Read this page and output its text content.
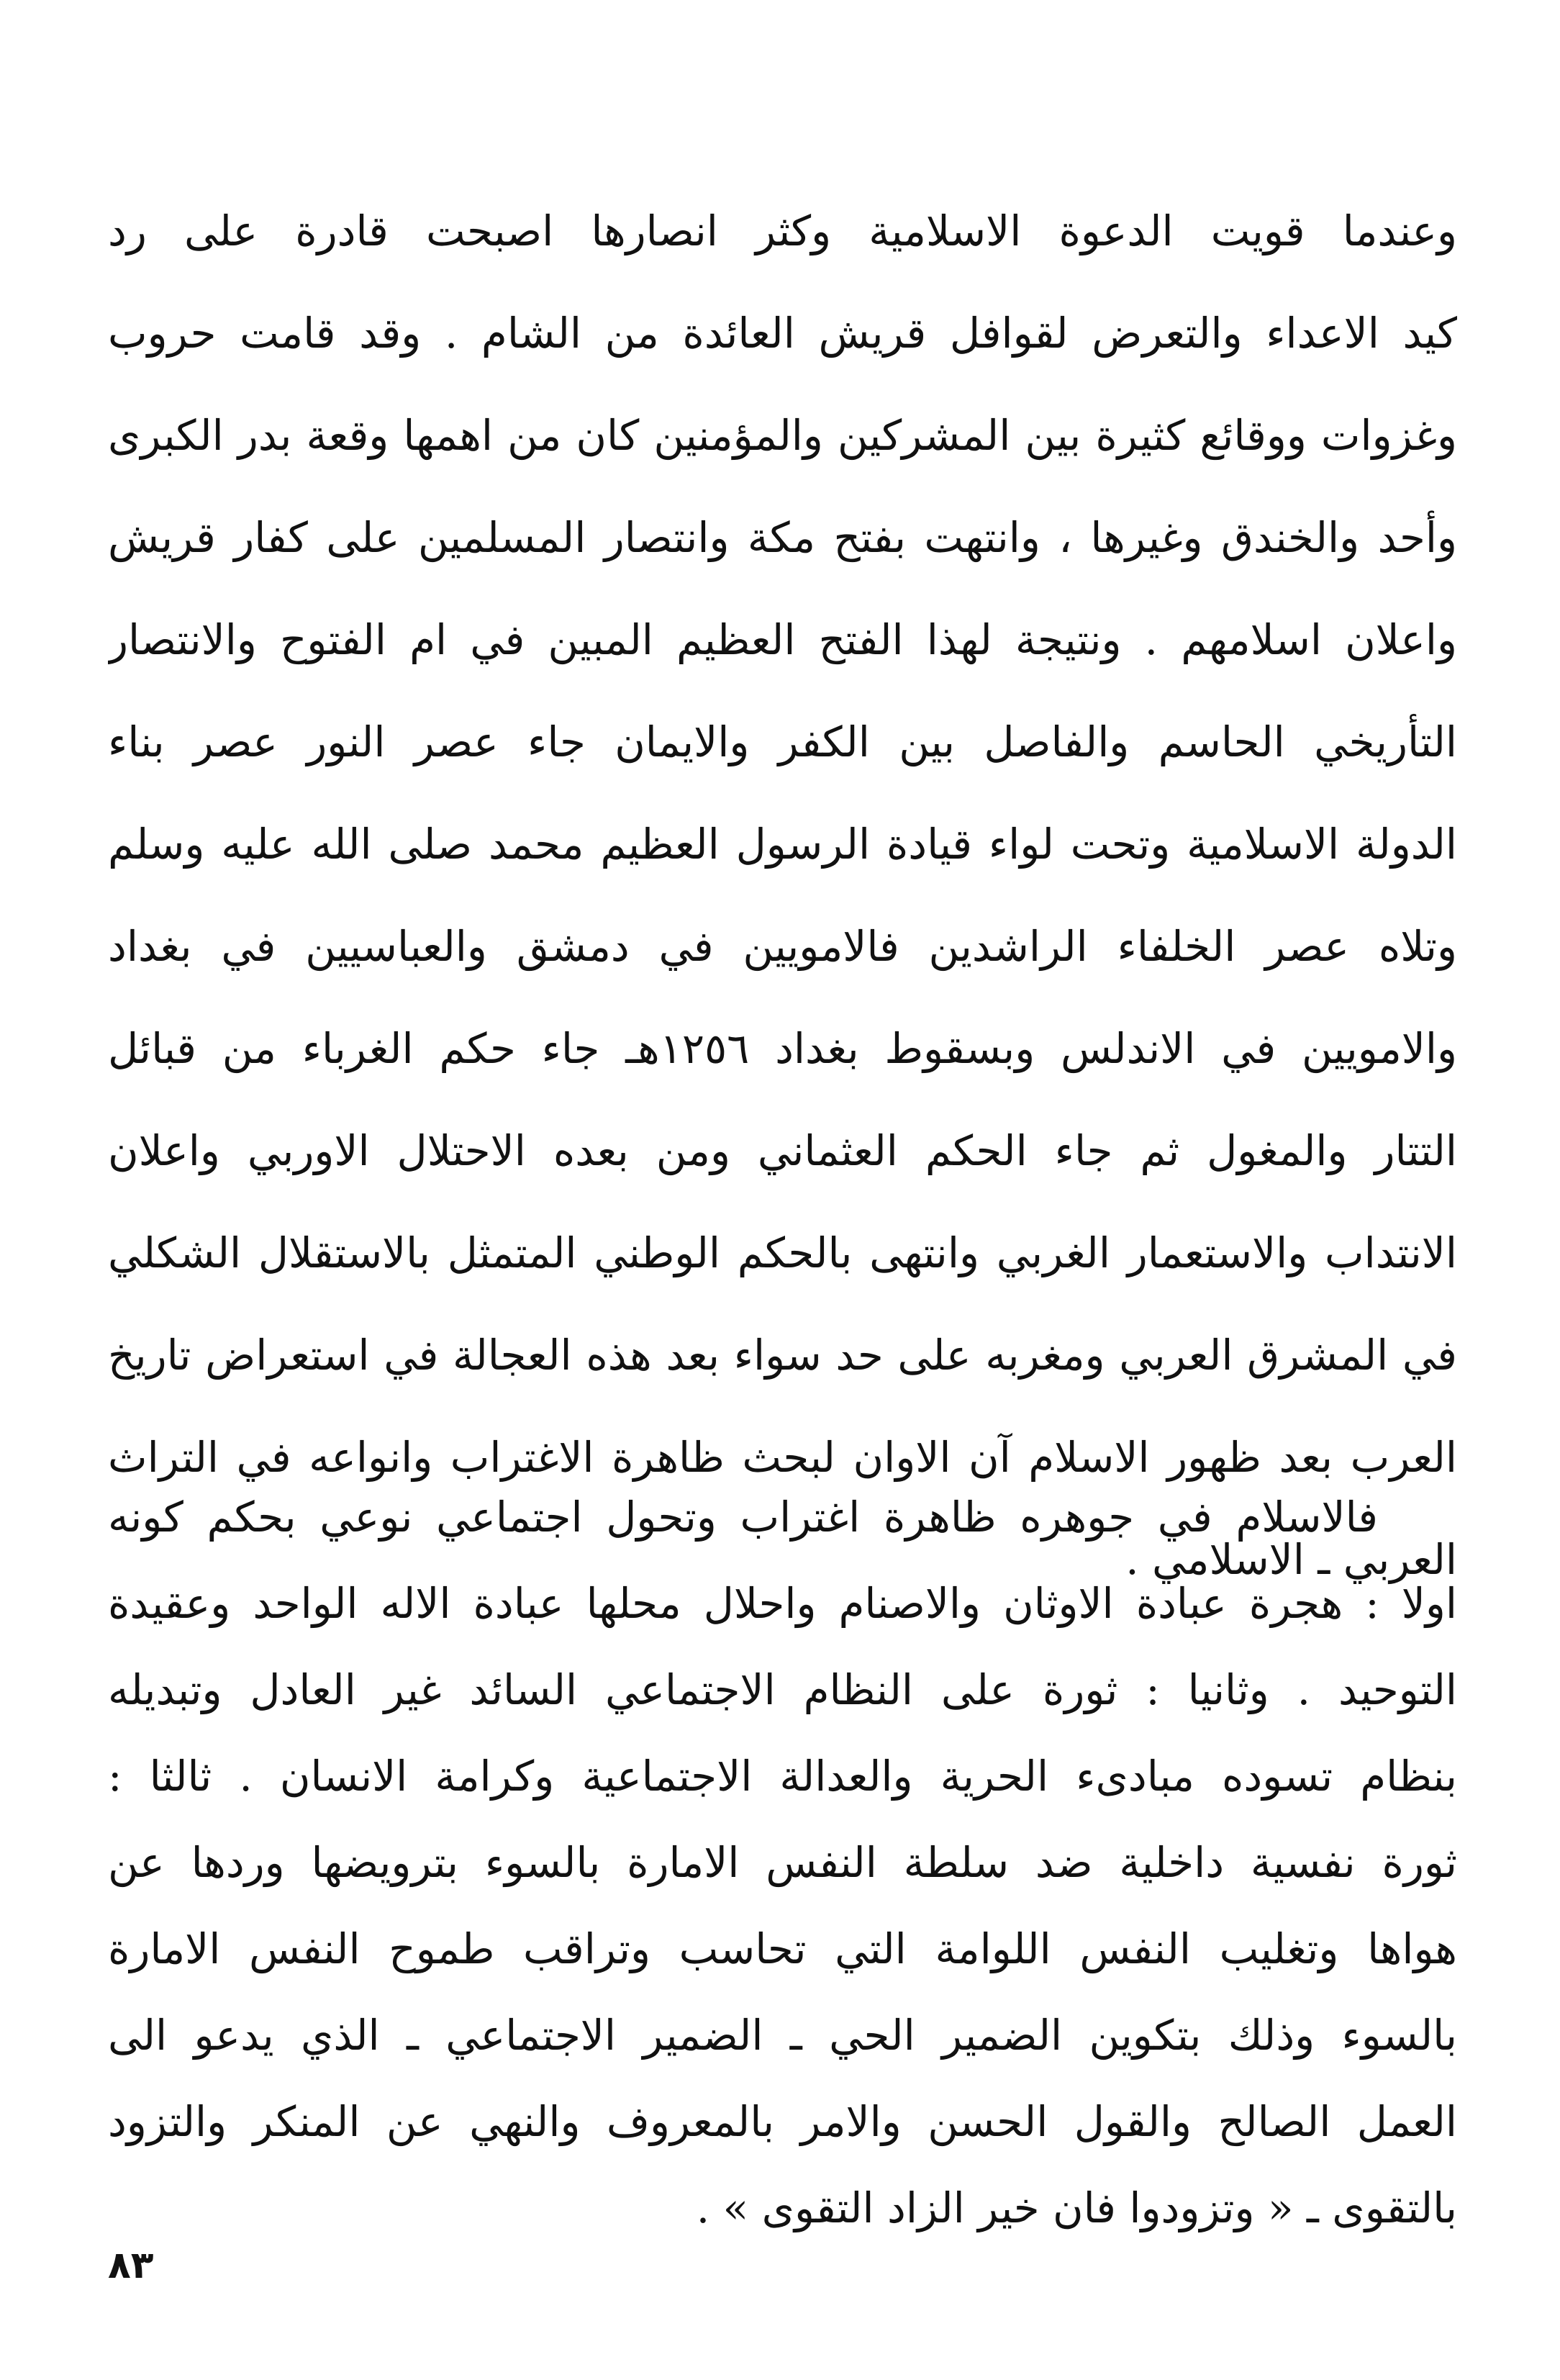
وعندما قويت الدعوة الاسلامية وكثر انصارها اصبحت قادرة على رد
كيد الاعداء والتعرض لقوافل قريش العائدة من الشام . وقد قامت حروب
وغزوات ووقائع كثيرة بين المشركين والمؤمنين كان من اهمها وقعة بدر الكبرى
وأحد والخندق وغيرها ، وانتهت بفتح مكة وانتصار المسلمين على كفار قريش
واعلان اسلامهم . ونتيجة لهذا الفتح العظيم المبين في ام الفتوح والانتصار
التأريخي الحاسم والفاصل بين الكفر والايمان جاء عصر النور عصر بناء
الدولة الاسلامية وتحت لواء قيادة الرسول العظيم محمد صلى الله عليه وسلم
وتلاه عصر الخلفاء الراشدين فالامويين في دمشق والعباسيين في بغداد
والامويين في الاندلس وبسقوط بغداد ١٢٥٦هـ جاء حكم الغرباء من قبائل
التتار والمغول ثم جاء الحكم العثماني ومن بعده الاحتلال الاوربي واعلان
الانتداب والاستعمار الغربي وانتهى بالحكم الوطني المتمثل بالاستقلال الشكلي
في المشرق العربي ومغربه على حد سواء بعد هذه العجالة في استعراض تاريخ
العرب بعد ظهور الاسلام آن الاوان لبحث ظاهرة الاغتراب وانواعه في التراث
العربي ـ الاسلامي .
فالاسلام في جوهره ظاهرة اغتراب وتحول اجتماعي نوعي بحكم كونه
اولا : هجرة عبادة الاوثان والاصنام واحلال محلها عبادة الاله الواحد وعقيدة
التوحيد . وثانيا : ثورة على النظام الاجتماعي السائد غير العادل وتبديله
بنظام تسوده مبادىء الحرية والعدالة الاجتماعية وكرامة الانسان . ثالثا :
ثورة نفسية داخلية ضد سلطة النفس الامارة بالسوء بترويضها وردها عن
هواها وتغليب النفس اللوامة التي تحاسب وتراقب طموح النفس الامارة
بالسوء وذلك بتكوين الضمير الحي ـ الضمير الاجتماعي ـ الذي يدعو الى
العمل الصالح والقول الحسن والامر بالمعروف والنهي عن المنكر والتزود
بالتقوى ـ « وتزودوا فان خير الزاد التقوى » .
٨٣
